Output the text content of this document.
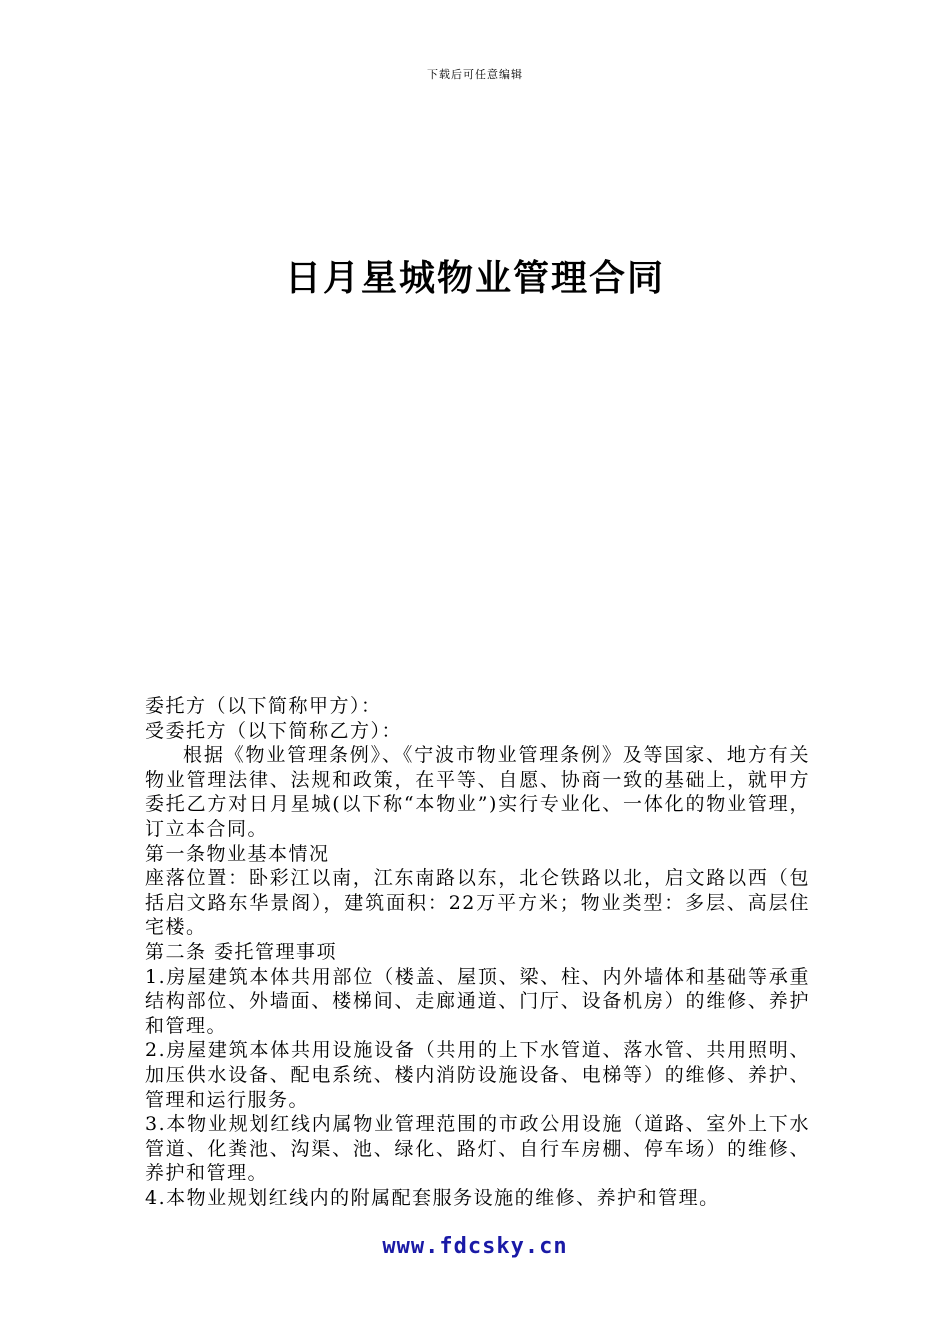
下载后可任意编辑
日月星城物业管理合同

委托方（以下简称甲方）：

受委托方（以下简称乙方）：

根据《物业管理条例》、《宁波市物业管理条例》及等国家、地方有关物业管理法律、法规和政策，在平等、自愿、协商一致的基础上，就甲方委托乙方对日月星城(以下称“本物业”)实行专业化、一体化的物业管理，订立本合同。

第一条物业基本情况

座落位置：卧彩江以南，江东南路以东，北仑铁路以北，启文路以西（包括启文路东华景阁），建筑面积：22万平方米；物业类型：多层、高层住宅楼。

第二条 委托管理事项

1.房屋建筑本体共用部位（楼盖、屋顶、梁、柱、内外墙体和基础等承重结构部位、外墙面、楼梯间、走廊通道、门厅、设备机房）的维修、养护和管理。

2.房屋建筑本体共用设施设备（共用的上下水管道、落水管、共用照明、加压供水设备、配电系统、楼内消防设施设备、电梯等）的维修、养护、管理和运行服务。

3.本物业规划红线内属物业管理范围的市政公用设施（道路、室外上下水管道、化粪池、沟渠、池、绿化、路灯、自行车房棚、停车场）的维修、养护和管理。

4.本物业规划红线内的附属配套服务设施的维修、养护和管理。

www.fdcsky.cn
